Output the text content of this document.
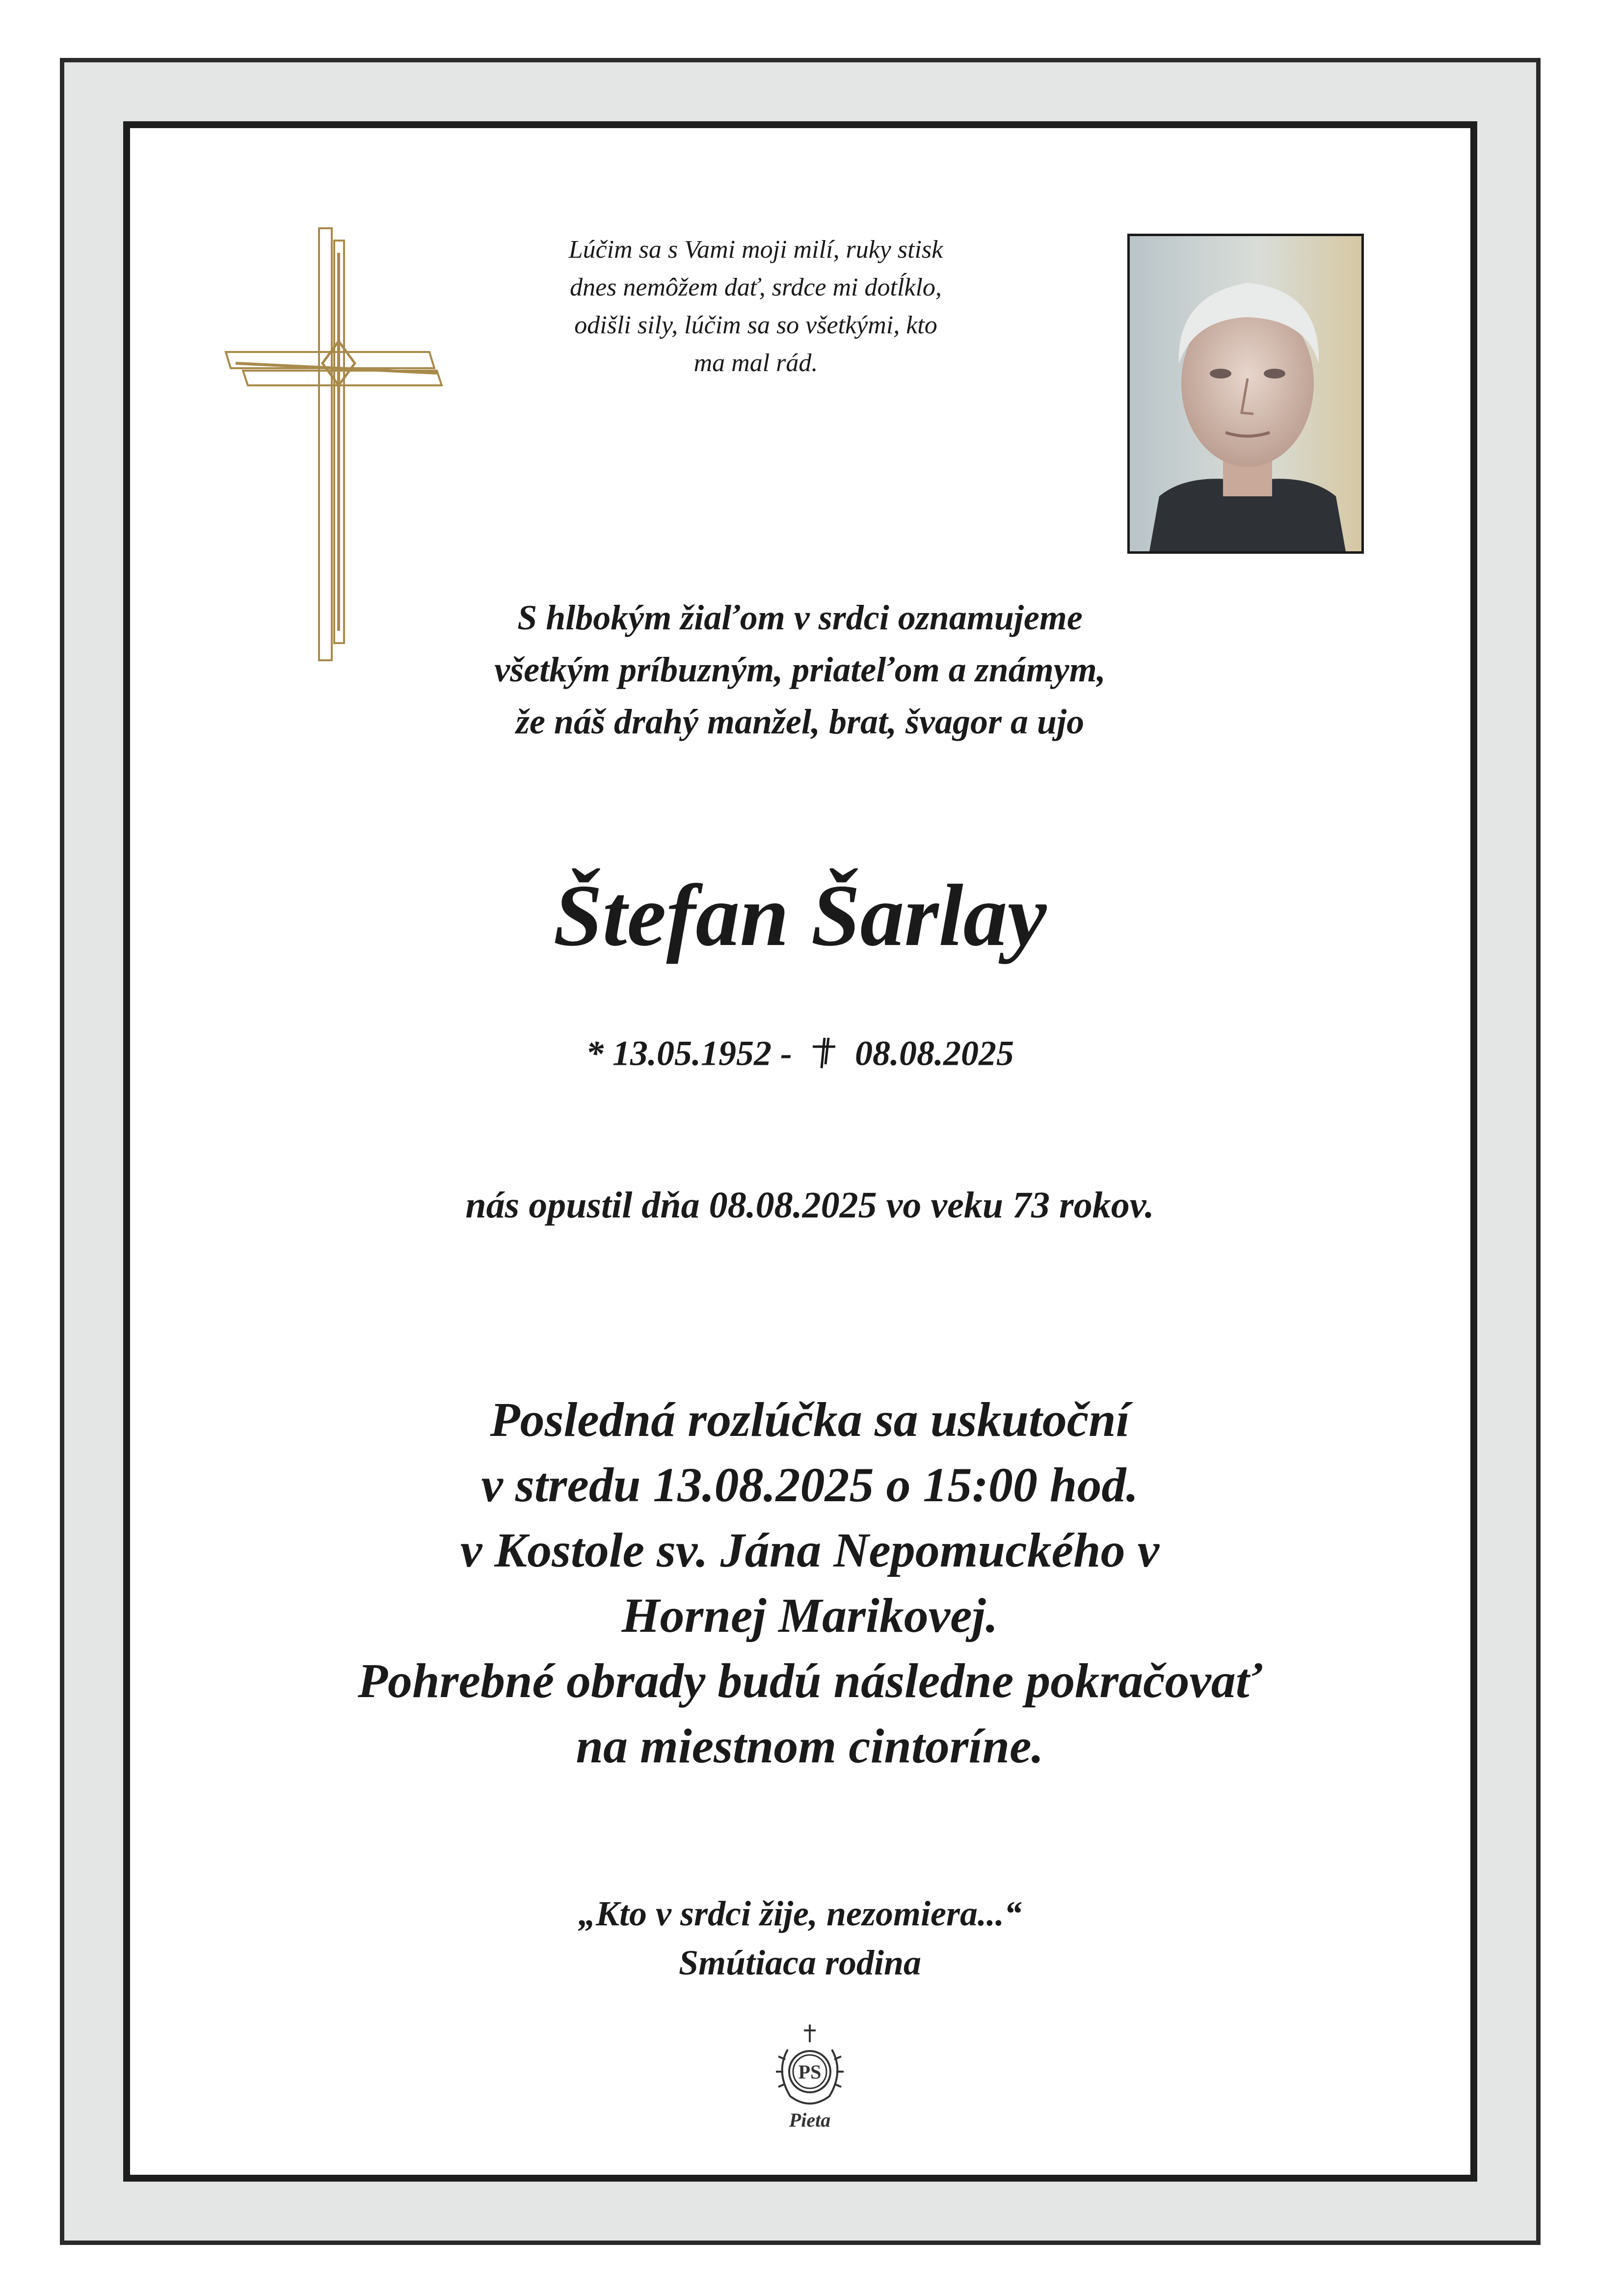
Lúčim sa s Vami moji milí, ruky stisk
dnes nemôžem dať, srdce mi dotĺklo,
odišli sily, lúčim sa so všetkými, kto
ma mal rád.
S hlbokým žiaľom v srdci oznamujeme
všetkým príbuzným, priateľom a známym,
že náš drahý manžel, brat, švagor a ujo
Štefan Šarlay
* 13.05.1952 - 08.08.2025
nás opustil dňa 08.08.2025 vo veku 73 rokov.
Posledná rozlúčka sa uskutoční
v stredu 13.08.2025 o 15:00 hod.
v Kostole sv. Jána Nepomuckého v
Hornej Marikovej.
Pohrebné obrady budú následne pokračovať
na miestnom cintoríne.
„Kto v srdci žije, nezomiera...“
Smútiaca rodina
PS
Pieta
